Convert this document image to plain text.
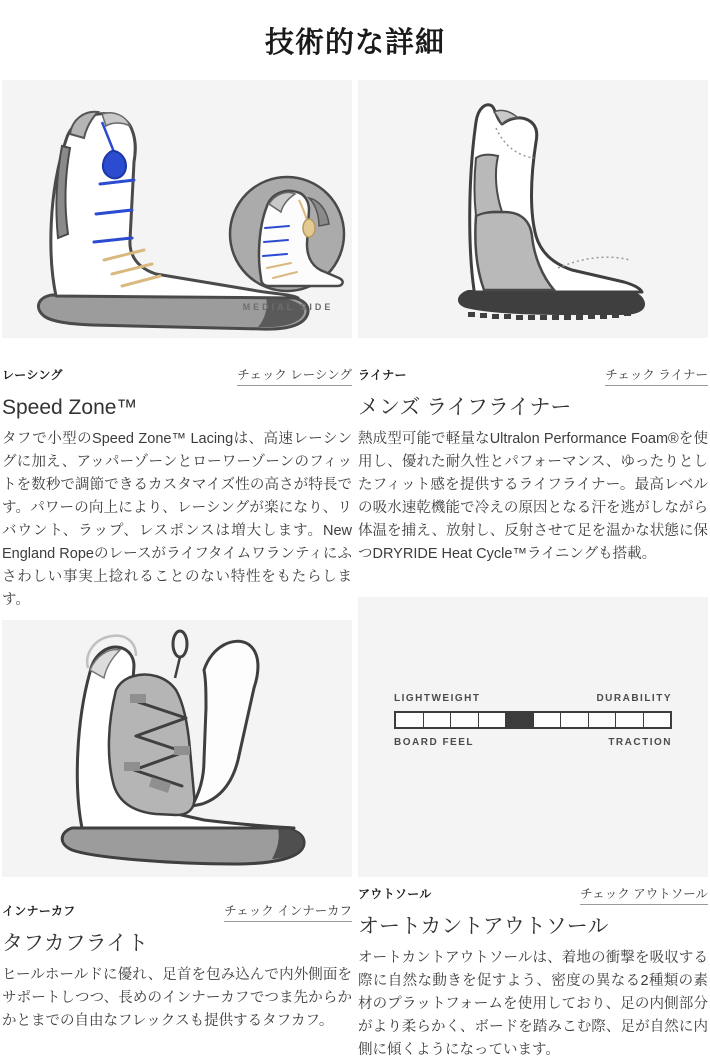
技術的な詳細
MEDIAL SIDE
レーシング	チェック レーシング
Speed Zone™
タフで小型のSpeed Zone™ Lacingは、高速レーシングに加え、アッパーゾーンとローワーゾーンのフィットを数秒で調節できるカスタマイズ性の高さが特長です。パワーの向上により、レーシングが楽になり、リバウント、ラップ、レスポンスは増大します。New England Ropeのレースがライフタイムワランティにふさわしい事実上捻れることのない特性をもたらします。
インナーカフ	チェック インナーカフ
タフカフライト
ヒールホールドに優れ、足首を包み込んで内外側面をサポートしつつ、長めのインナーカフでつま先からかかとまでの自由なフレックスも提供するタフカフ。
ライナー	チェック ライナー
メンズ ライフライナー
熱成型可能で軽量なUltralon Performance Foam®を使用し、優れた耐久性とパフォーマンス、ゆったりとしたフィット感を提供するライフライナー。最高レベルの吸水速乾機能で冷えの原因となる汗を逃がしながら体温を捕え、放射し、反射させて足を温かな状態に保つDRYRIDE Heat Cycle™ライニングも搭載。
LIGHTWEIGHT	DURABILITY
BOARD FEEL	TRACTION
アウトソール	チェック アウトソール
オートカントアウトソール
オートカントアウトソールは、着地の衝撃を吸収する際に自然な動きを促すよう、密度の異なる2種類の素材のプラットフォームを使用しており、足の内側部分がより柔らかく、ボードを踏みこむ際、足が自然に内側に傾くようになっています。
